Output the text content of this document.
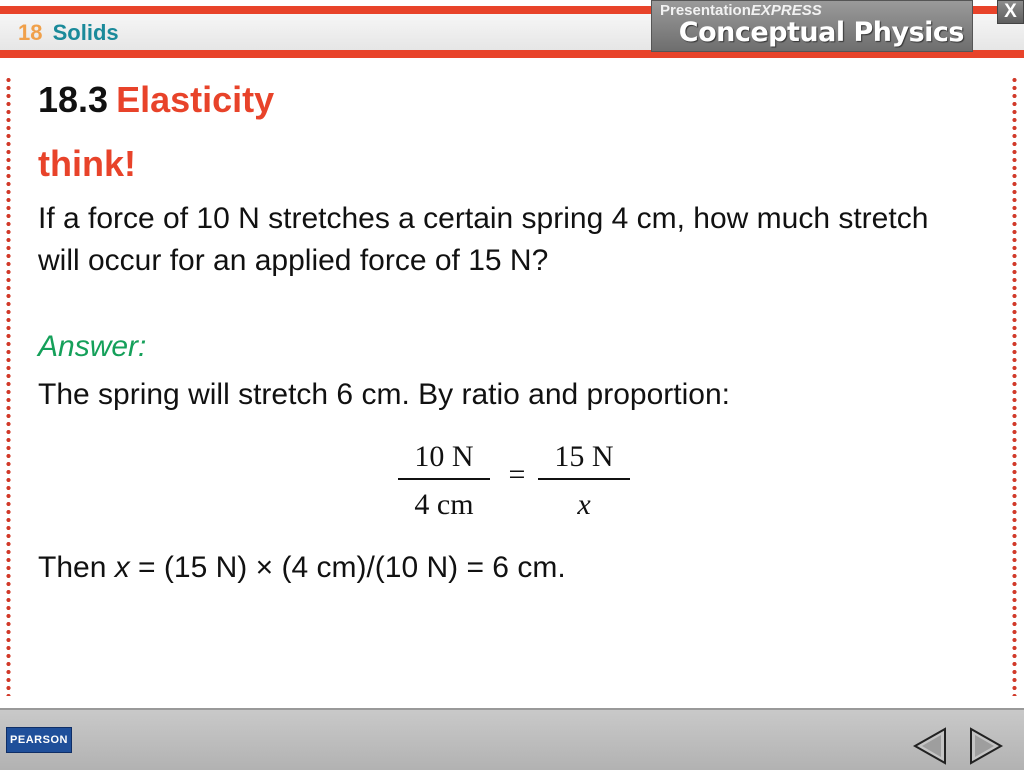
18 Solids
PresentationEXPRESS
Conceptual Physics
X
18.3 Elasticity
think!
If a force of 10 N stretches a certain spring 4 cm, how much stretch will occur for an applied force of 15 N?
Answer:
The spring will stretch 6 cm. By ratio and proportion:
10 N
4 cm
=
15 N
x
Then x = (15 N) × (4 cm)/(10 N) = 6 cm.
PEARSON
